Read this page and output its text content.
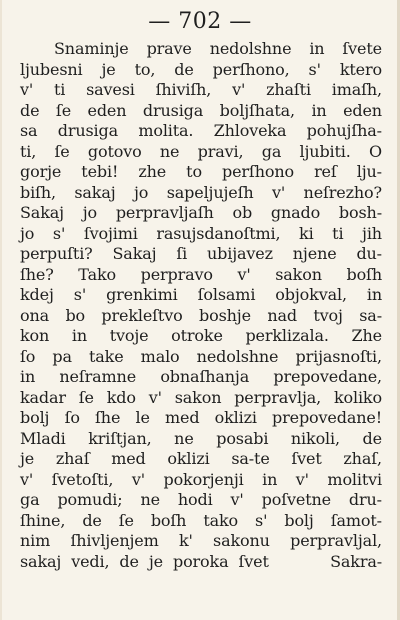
— 702 —
Snaminje prave nedolshne in ſvete
ljubesni je to, de perſhono, s' ktero
v' ti savesi ſhiviſh, v' zhaſti imaſh,
de ſe eden drusiga boljſhata, in eden
sa drusiga molita. Zhloveka pohujſha-
ti, ſe gotovo ne pravi, ga ljubiti. O
gorje tebi! zhe to perſhono reſ lju-
biſh, sakaj jo sapeljujeſh v' neſrezho?
Sakaj jo perpravljaſh ob gnado bosh-
jo s' ſvojimi rasujsdanoſtmi, ki ti jih
perpuſti? Sakaj ſi ubijavez njene du-
ſhe? Tako perpravo v' sakon boſh
kdej s' grenkimi ſolsami objokval, in
ona bo prekleſtvo boshje nad tvoj sa-
kon in tvoje otroke perklizala. Zhe
ſo pa take malo nedolshne prijasnoſti,
in neſramne obnaſhanja prepovedane,
kadar ſe kdo v' sakon perpravlja, koliko
bolj ſo ſhe le med oklizi prepovedane!
Mladi kriſtjan, ne posabi nikoli, de
je zhaſ med oklizi sa-te ſvet zhaſ,
v' ſvetoſti, v' pokorjenji in v' molitvi
ga pomudi; ne hodi v' poſvetne dru-
ſhine, de ſe boſh tako s' bolj ſamot-
nim ſhivljenjem k' sakonu perpravljal,
sakaj vedi, de je poroka ſvet	Sakra-
